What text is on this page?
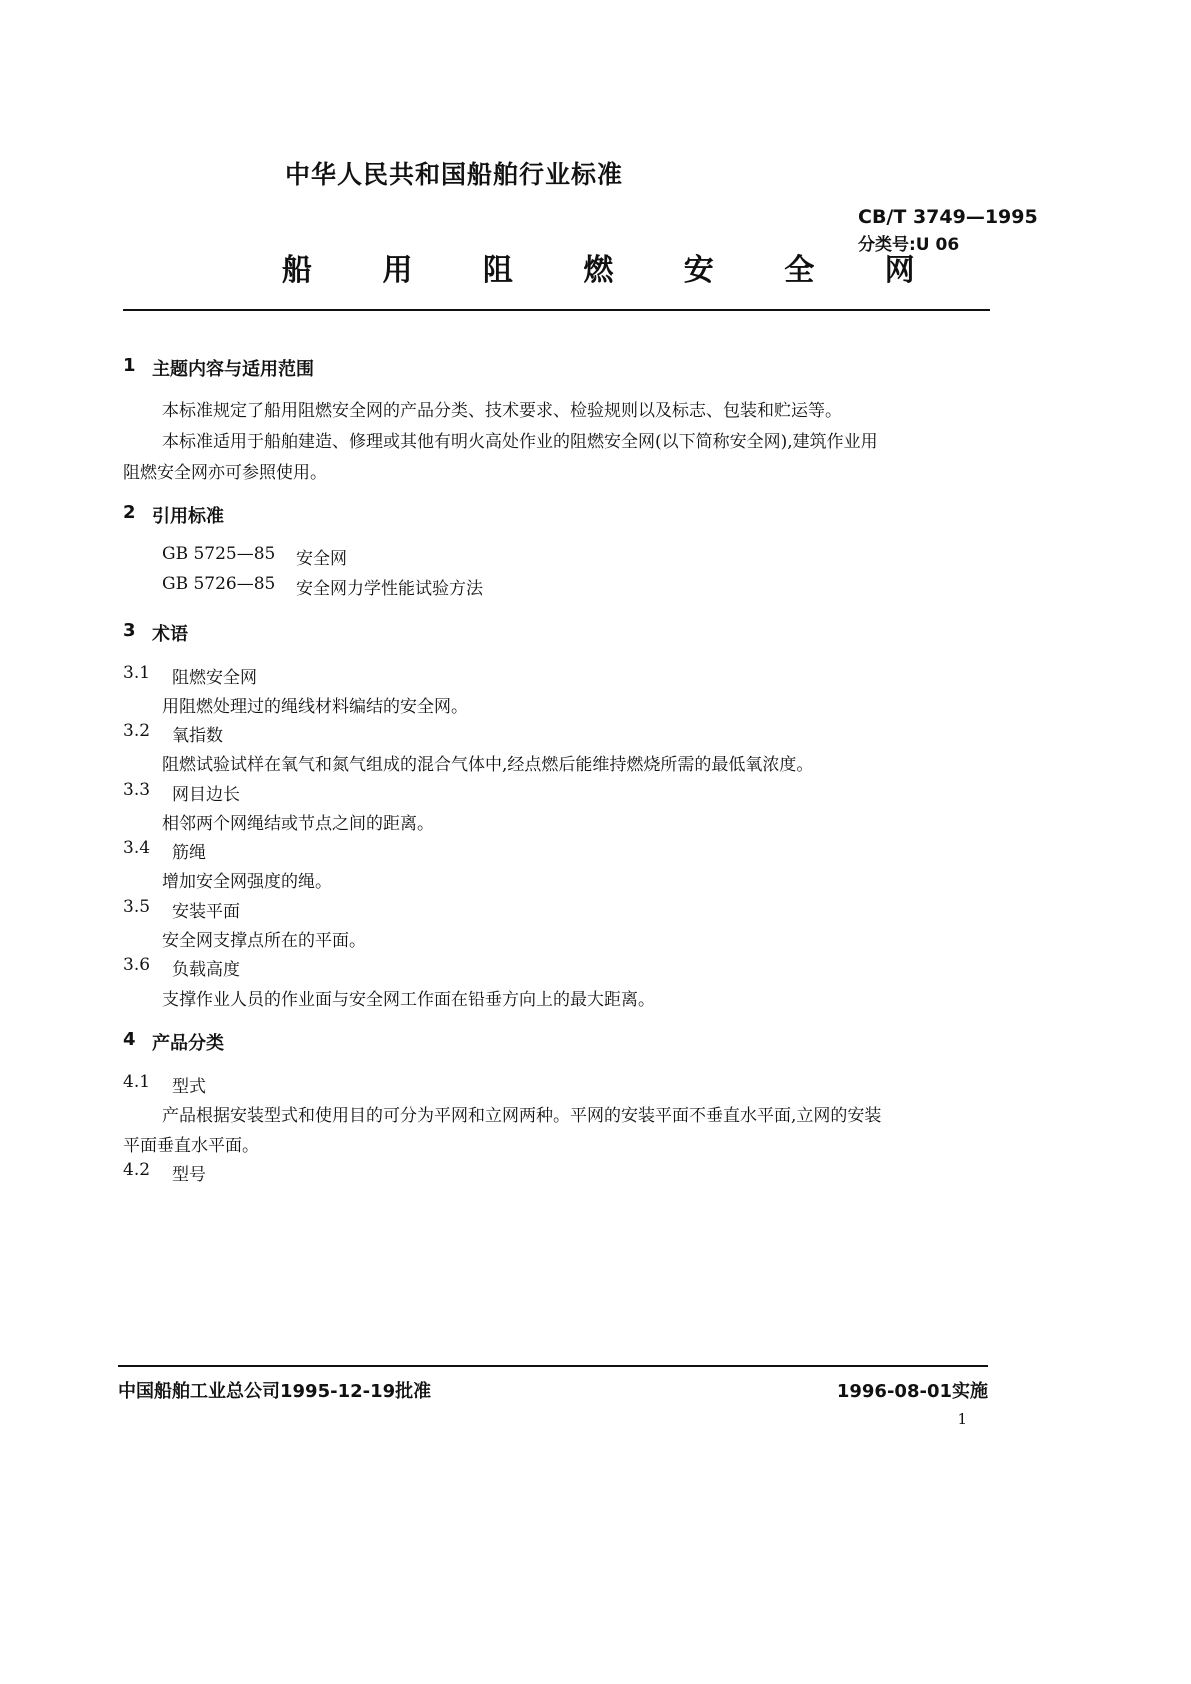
中华人民共和国船舶行业标准
CB/T 3749—1995
分类号:U 06
船 用 阻 燃 安 全 网
1 主题内容与适用范围
本标准规定了船用阻燃安全网的产品分类、技术要求、检验规则以及标志、包装和贮运等。
本标准适用于船舶建造、修理或其他有明火高处作业的阻燃安全网(以下简称安全网),建筑作业用
阻燃安全网亦可参照使用。
2 引用标准
GB 5725—85 安全网
GB 5726—85 安全网力学性能试验方法
3 术语
3.1 阻燃安全网
用阻燃处理过的绳线材料编结的安全网。
3.2 氧指数
阻燃试验试样在氧气和氮气组成的混合气体中,经点燃后能维持燃烧所需的最低氧浓度。
3.3 网目边长
相邻两个网绳结或节点之间的距离。
3.4 筋绳
增加安全网强度的绳。
3.5 安装平面
安全网支撑点所在的平面。
3.6 负载高度
支撑作业人员的作业面与安全网工作面在铅垂方向上的最大距离。
4 产品分类
4.1 型式
产品根据安装型式和使用目的可分为平网和立网两种。平网的安装平面不垂直水平面,立网的安装
平面垂直水平面。
4.2 型号
中国船舶工业总公司1995-12-19批准	1996-08-01实施
1
